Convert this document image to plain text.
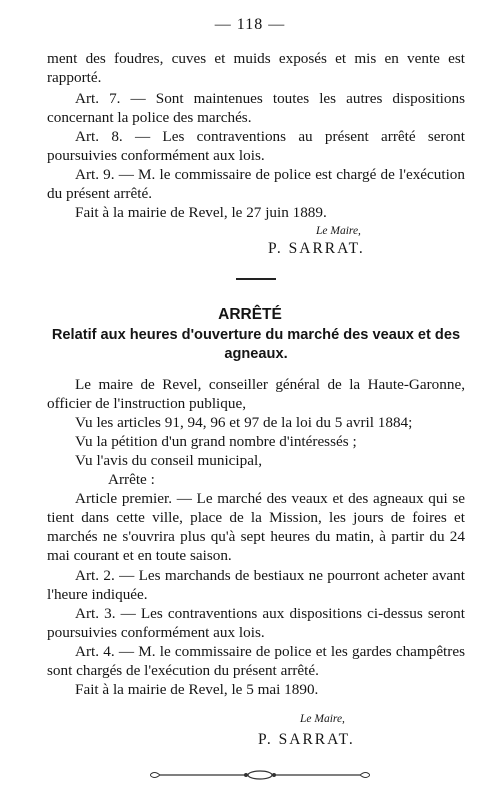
— 118 —
ment des foudres, cuves et muids exposés et mis en vente est rapporté.
Art. 7. — Sont maintenues toutes les autres dispositions concernant la police des marchés.
Art. 8. — Les contraventions au présent arrêté seront poursuivies conformément aux lois.
Art. 9. — M. le commissaire de police est chargé de l'exécution du présent arrêté.
Fait à la mairie de Revel, le 27 juin 1889.
Le Maire,
P. SARRAT.
ARRÊTÉ
Relatif aux heures d'ouverture du marché des veaux et des agneaux.
Le maire de Revel, conseiller général de la Haute-Garonne, officier de l'instruction publique,
Vu les articles 91, 94, 96 et 97 de la loi du 5 avril 1884;
Vu la pétition d'un grand nombre d'intéressés ;
Vu l'avis du conseil municipal,
Arrête :
Article premier. — Le marché des veaux et des agneaux qui se tient dans cette ville, place de la Mission, les jours de foires et marchés ne s'ouvrira plus qu'à sept heures du matin, à partir du 24 mai courant et en toute saison.
Art. 2. — Les marchands de bestiaux ne pourront acheter avant l'heure indiquée.
Art. 3. — Les contraventions aux dispositions ci-dessus seront poursuivies conformément aux lois.
Art. 4. — M. le commissaire de police et les gardes champêtres sont chargés de l'exécution du présent arrêté.
Fait à la mairie de Revel, le 5 mai 1890.
Le Maire,
P. SARRAT.
